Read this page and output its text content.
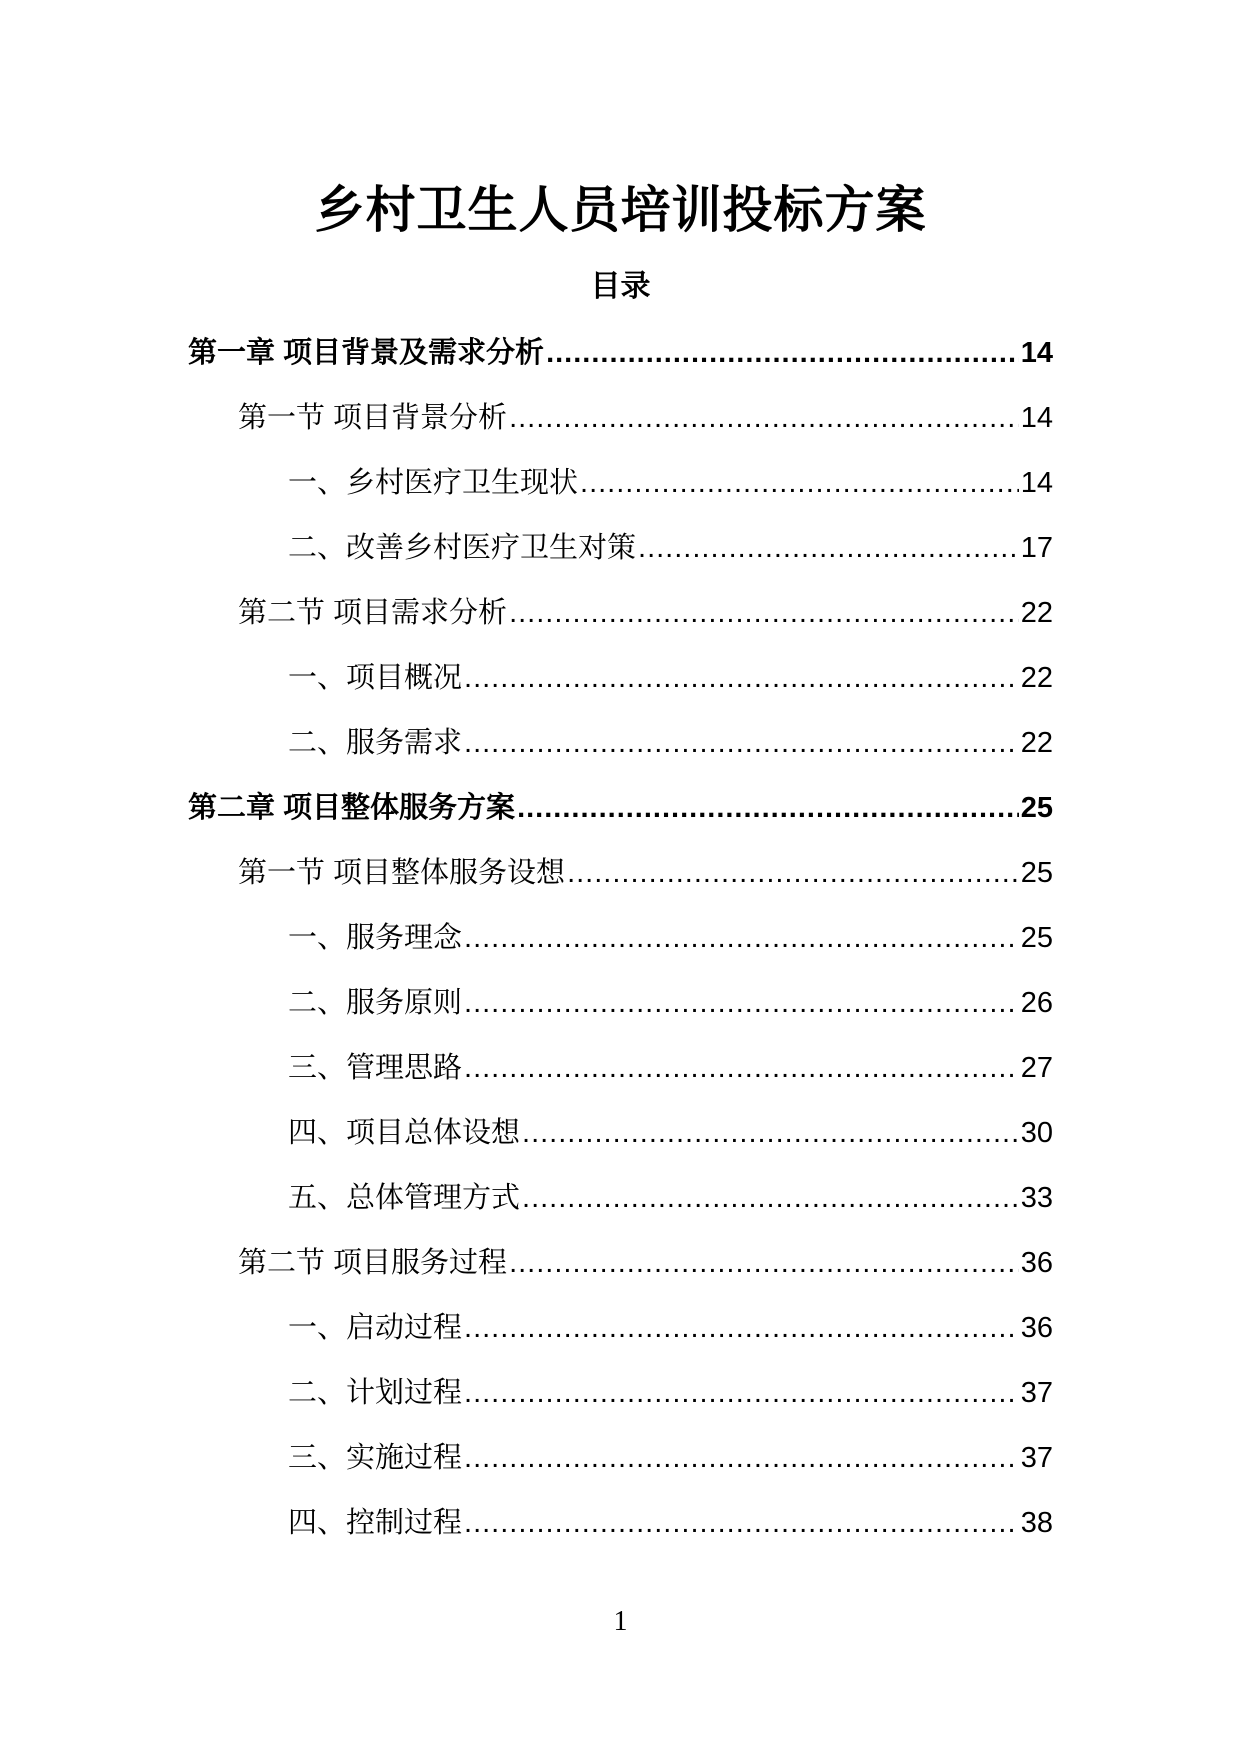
乡村卫生人员培训投标方案
目录
第一章 项目背景及需求分析 .....	14
第一节 项目背景分析 .....	14
一、乡村医疗卫生现状 .....	14
二、改善乡村医疗卫生对策 .....	17
第二节 项目需求分析 .....	22
一、项目概况 .....	22
二、服务需求 .....	22
第二章 项目整体服务方案 .....	25
第一节 项目整体服务设想 .....	25
一、服务理念 .....	25
二、服务原则 .....	26
三、管理思路 .....	27
四、项目总体设想 .....	30
五、总体管理方式 .....	33
第二节 项目服务过程 .....	36
一、启动过程 .....	36
二、计划过程 .....	37
三、实施过程 .....	37
四、控制过程 .....	38
1
